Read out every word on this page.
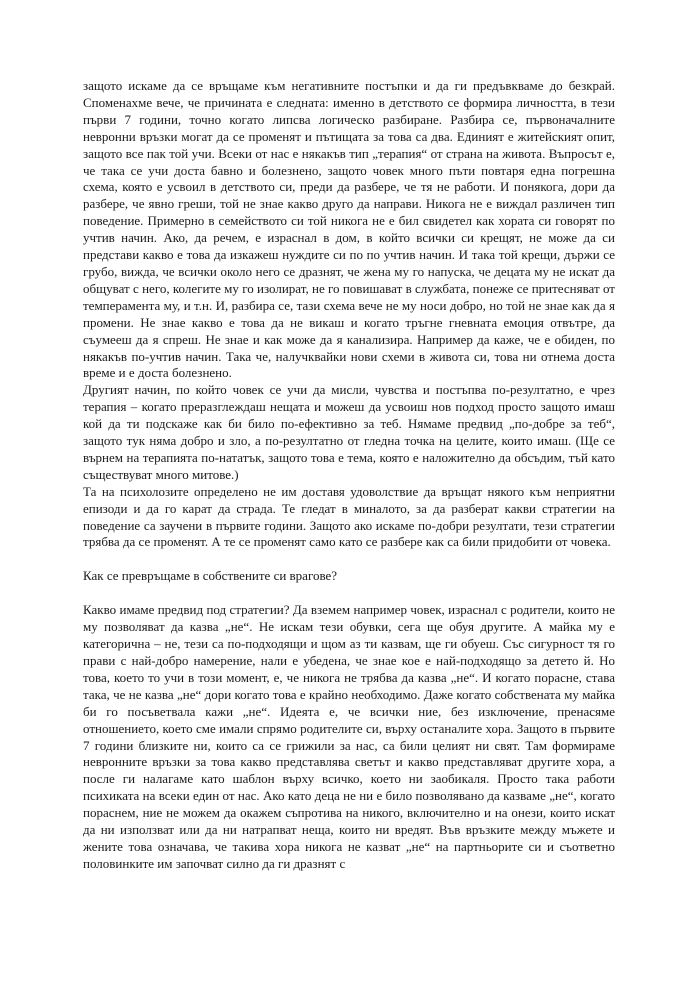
защото искаме да се връщаме към негативните постъпки и да ги предъвкваме до безкрай. Споменахме вече, че причината е следната: именно в детството се формира личността, в тези първи 7 години, точно когато липсва логическо разбиране. Разбира се, първоначалните невронни връзки могат да се променят и пътищата за това са два. Единият е житейският опит, защото все пак той учи. Всеки от нас е някакъв тип „терапия“ от страна на живота. Въпросът е, че така се учи доста бавно и болезнено, защото човек много пъти повтаря една погрешна схема, която е усвоил в детството си, преди да разбере, че тя не работи. И понякога, дори да разбере, че явно греши, той не знае какво друго да направи. Никога не е виждал различен тип поведение. Примерно в семейството си той никога не е бил свидетел как хората си говорят по учтив начин. Ако, да речем, е израснал в дом, в който всички си крещят, не може да си представи какво е това да изкажеш нуждите си по по учтив начин. И така той крещи, държи се грубо, вижда, че всички около него се дразнят, че жена му го напуска, че децата му не искат да общуват с него, колегите му го изолират, не го повишават в службата, понеже се притесняват от темперамента му, и т.н. И, разбира се, тази схема вече не му носи добро, но той не знае как да я промени. Не знае какво е това да не викаш и когато тръгне гневната емоция отвътре, да съумееш да я спреш. Не знае и как може да я канализира. Например да каже, че е обиден, по някакъв по-учтив начин. Така че, налучквайки нови схеми в живота си, това ни отнема доста време и е доста болезнено.

Другият начин, по който човек се учи да мисли, чувства и постъпва по-резултатно, е чрез терапия – когато преразглеждаш нещата и можеш да усвоиш нов подход просто защото имаш кой да ти подскаже как би било по-ефективно за теб. Нямаме предвид „по-добре за теб“, защото тук няма добро и зло, а по-резултатно от гледна точка на целите, които имаш. (Ще се върнем на терапията по-нататък, защото това е тема, която е наложително да обсъдим, тъй като съществуват много митове.)

Та на психолозите определено не им доставя удоволствие да връщат някого към неприятни епизоди и да го карат да страда. Те гледат в миналото, за да разберат какви стратегии на поведение са заучени в първите години. Защото ако искаме по-добри резултати, тези стратегии трябва да се променят. А те се променят само като се разбере как са били придобити от човека.

Как се превръщаме в собствените си врагове?

Какво имаме предвид под стратегии? Да вземем например човек, израснал с родители, които не му позволяват да казва „не“. Не искам тези обувки, сега ще обуя другите. А майка му е категорична – не, тези са по-подходящи и щом аз ти казвам, ще ги обуеш. Със сигурност тя го прави с най-добро намерение, нали е убедена, че знае кое е най-подходящо за детето й. Но това, което то учи в този момент, е, че никога не трябва да казва „не“. И когато порасне, става така, че не казва „не“ дори когато това е крайно необходимо. Даже когато собствената му майка би го посъветвала кажи „не“. Идеята е, че всички ние, без изключение, пренасяме отношението, което сме имали спрямо родителите си, върху останалите хора. Защото в първите 7 години близките ни, които са се грижили за нас, са били целият ни свят. Там формираме невронните връзки за това какво представлява светът и какво представляват другите хора, а после ги налагаме като шаблон върху всичко, което ни заобикаля. Просто така работи психиката на всеки един от нас. Ако като деца не ни е било позволявано да казваме „не“, когато пораснем, ние не можем да окажем съпротива на никого, включително и на онези, които искат да ни използват или да ни натрапват неща, които ни вредят. Във връзките между мъжете и жените това означава, че такива хора никога не казват „не“ на партньорите си и съответно половинките им започват силно да ги дразнят с
